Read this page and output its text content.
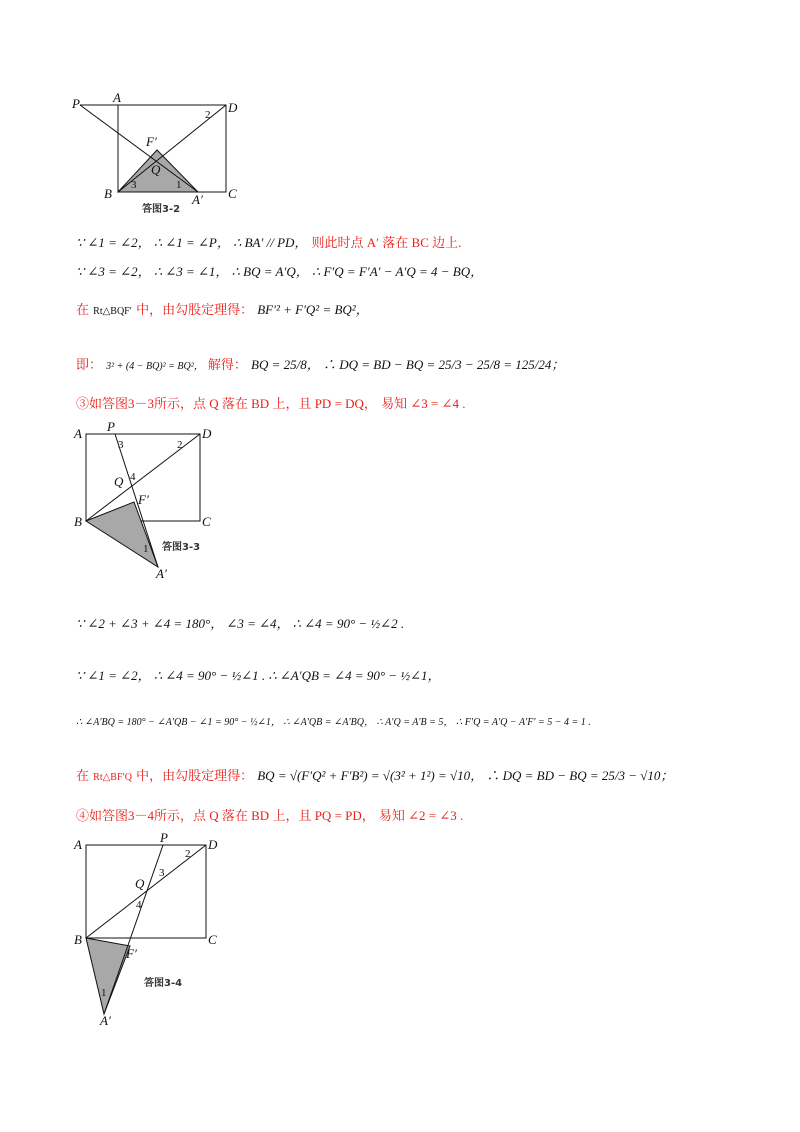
P	A
D
B	C
F′
Q
A′
1
2
3
答图3-2
∵ ∠1 = ∠2， ∴ ∠1 = ∠P， ∴ BA′ // PD， 则此时点 A′ 落在 BC 边上.
∵ ∠3 = ∠2， ∴ ∠3 = ∠1， ∴ BQ = A′Q， ∴ F′Q = F′A′ − A′Q = 4 − BQ，
在 Rt△BQF′ 中，由勾股定理得： BF′² + F′Q² = BQ²，
即： 3² + (4 − BQ)² = BQ²， 解得： BQ = 25/8， ∴ DQ = BD − BQ = 25/3 − 25/8 = 125/24；
③如答图3－3所示，点 Q 落在 BD 上，且 PD = DQ， 易知 ∠3 = ∠4 .
A P	D
Q
F′
B	C
A′
1
2
3
4
答图3-3
∵ ∠2 + ∠3 + ∠4 = 180°， ∠3 = ∠4， ∴ ∠4 = 90° − ½∠2 .
∵ ∠1 = ∠2， ∴ ∠4 = 90° − ½∠1 . ∴ ∠A′QB = ∠4 = 90° − ½∠1，
∴ ∠A′BQ = 180° − ∠A′QB − ∠1 = 90° − ½∠1， ∴ ∠A′QB = ∠A′BQ， ∴ A′Q = A′B = 5， ∴ F′Q = A′Q − A′F′ = 5 − 4 = 1 .
在 Rt△BF′Q 中，由勾股定理得： BQ = √(F′Q² + F′B²) = √(3² + 1²) = √10， ∴ DQ = BD − BQ = 25/3 − √10；
④如答图3－4所示，点 Q 落在 BD 上，且 PQ = PD， 易知 ∠2 = ∠3 .
A	P	D
Q
B	C
F′
A′
1
2
3
4
答图3-4
